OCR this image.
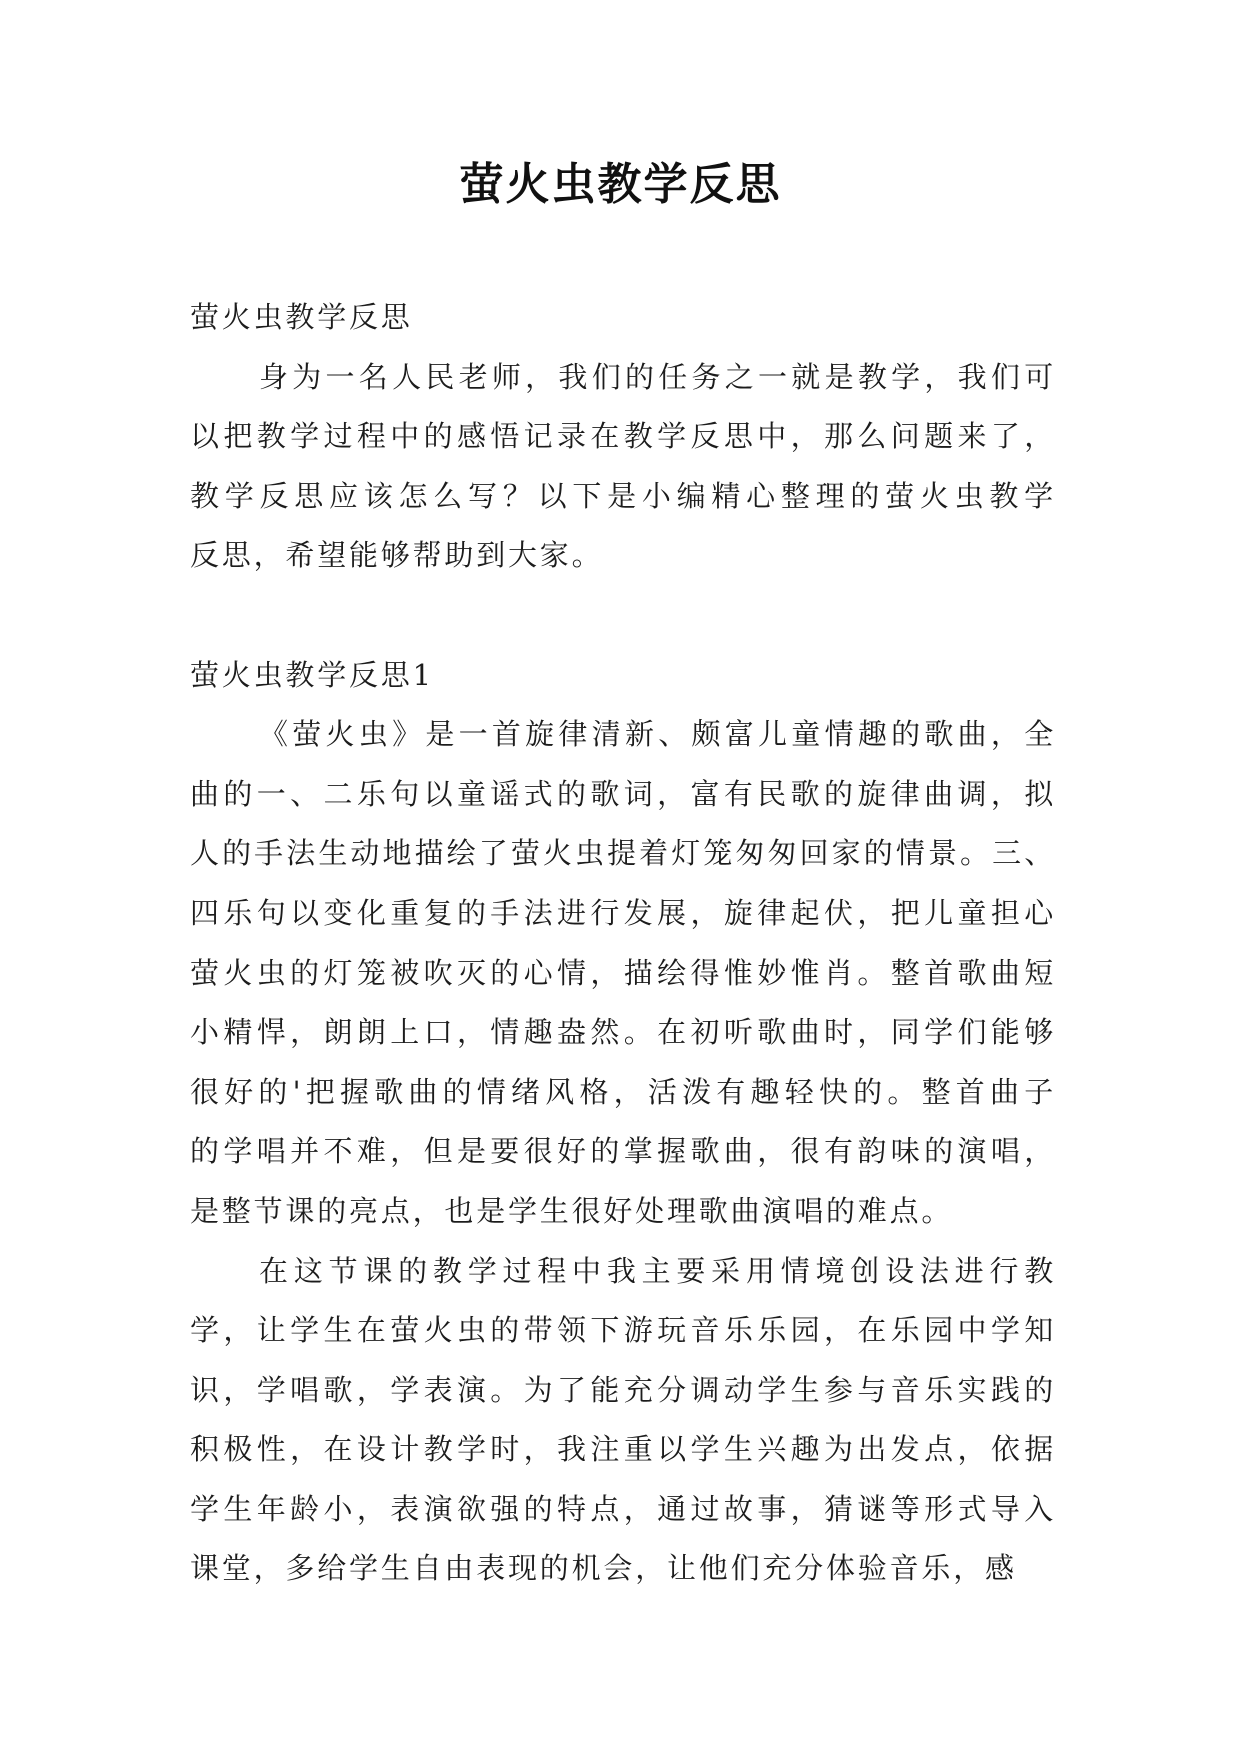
萤火虫教学反思
萤火虫教学反思
身为一名人民老师，我们的任务之一就是教学，我们可
以把教学过程中的感悟记录在教学反思中，那么问题来了，
教学反思应该怎么写？以下是小编精心整理的萤火虫教学
反思，希望能够帮助到大家。
萤火虫教学反思1
《萤火虫》是一首旋律清新、颇富儿童情趣的歌曲，全
曲的一、二乐句以童谣式的歌词，富有民歌的旋律曲调，拟
人的手法生动地描绘了萤火虫提着灯笼匆匆回家的情景。三、
四乐句以变化重复的手法进行发展，旋律起伏，把儿童担心
萤火虫的灯笼被吹灭的心情，描绘得惟妙惟肖。整首歌曲短
小精悍，朗朗上口，情趣盎然。在初听歌曲时，同学们能够
很好的'把握歌曲的情绪风格，活泼有趣轻快的。整首曲子
的学唱并不难，但是要很好的掌握歌曲，很有韵味的演唱，
是整节课的亮点，也是学生很好处理歌曲演唱的难点。
在这节课的教学过程中我主要采用情境创设法进行教
学，让学生在萤火虫的带领下游玩音乐乐园，在乐园中学知
识，学唱歌，学表演。为了能充分调动学生参与音乐实践的
积极性，在设计教学时，我注重以学生兴趣为出发点，依据
学生年龄小，表演欲强的特点，通过故事，猜谜等形式导入
课堂，多给学生自由表现的机会，让他们充分体验音乐，感
